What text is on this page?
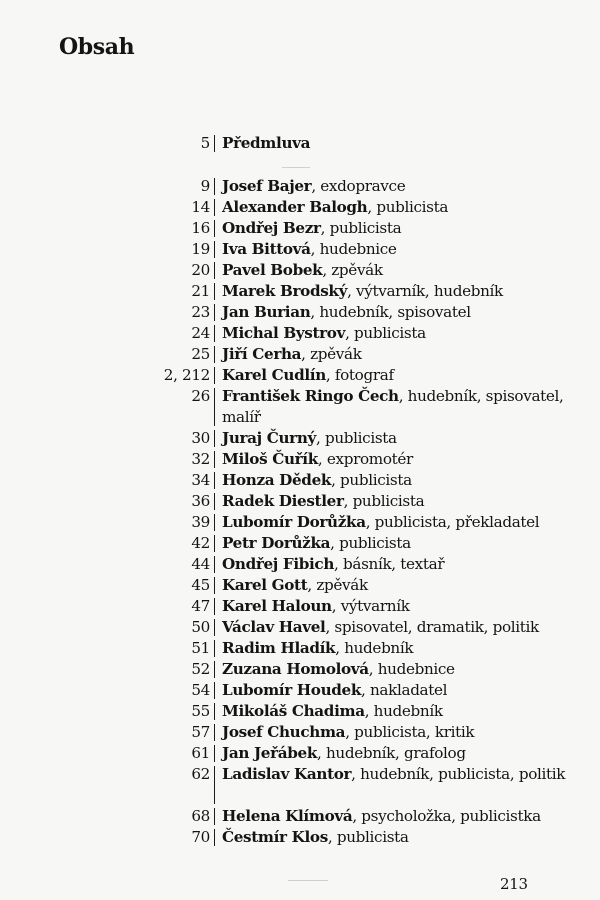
Obsah
5 Předmluva
9 Josef Bajer, exdopravce
14 Alexander Balogh, publicista
16 Ondřej Bezr, publicista
19 Iva Bittová, hudebnice
20 Pavel Bobek, zpěvák
21 Marek Brodský, výtvarník, hudebník
23 Jan Burian, hudebník, spisovatel
24 Michal Bystrov, publicista
25 Jiří Cerha, zpěvák
2, 212 Karel Cudlín, fotograf
26 František Ringo Čech, hudebník, spisovatel, malíř
30 Juraj Čurný, publicista
32 Miloš Čuřík, expromotér
34 Honza Dědek, publicista
36 Radek Diestler, publicista
39 Lubomír Dorůžka, publicista, překladatel
42 Petr Dorůžka, publicista
44 Ondřej Fibich, básník, textař
45 Karel Gott, zpěvák
47 Karel Haloun, výtvarník
50 Václav Havel, spisovatel, dramatik, politik
51 Radim Hladík, hudebník
52 Zuzana Homolová, hudebnice
54 Lubomír Houdek, nakladatel
55 Mikoláš Chadima, hudebník
57 Josef Chuchma, publicista, kritik
61 Jan Jeřábek, hudebník, grafolog
62 Ladislav Kantor, hudebník, publicista, politik
68 Helena Klímová, psycholožka, publicistka
70 Čestmír Klos, publicista
213
